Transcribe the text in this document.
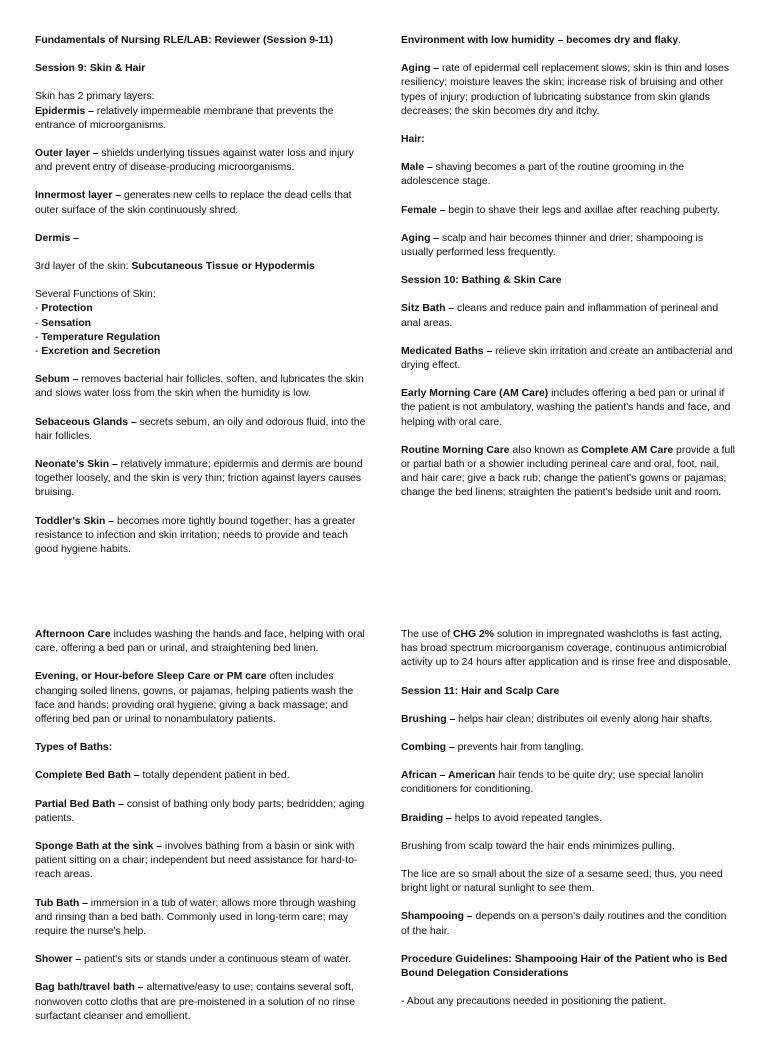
Fundamentals of Nursing RLE/LAB: Reviewer (Session 9-11)

Session 9: Skin & Hair

Skin has 2 primary layers:
Epidermis – relatively impermeable membrane that prevents the entrance of microorganisms.

Outer layer – shields underlying tissues against water loss and injury and prevent entry of disease-producing microorganisms.

Innermost layer – generates new cells to replace the dead cells that outer surface of the skin continuously shred.

Dermis –

3rd layer of the skin: Subcutaneous Tissue or Hypodermis

Several Functions of Skin:
- Protection
- Sensation
- Temperature Regulation
- Excretion and Secretion

Sebum – removes bacterial hair follicles, soften, and lubricates the skin and slows water loss from the skin when the humidity is low.

Sebaceous Glands – secrets sebum, an oily and odorous fluid, into the hair follicles.

Neonate's Skin – relatively immature; epidermis and dermis are bound together loosely, and the skin is very thin; friction against layers causes bruising.

Toddler's Skin – becomes more tightly bound together; has a greater resistance to infection and skin irritation; needs to provide and teach good hygiene habits.

Environment with low humidity – becomes dry and flaky.

Aging – rate of epidermal cell replacement slows; skin is thin and loses resiliency; moisture leaves the skin; increase risk of bruising and other types of injury; production of lubricating substance from skin glands decreases; the skin becomes dry and itchy.

Hair:

Male – shaving becomes a part of the routine grooming in the adolescence stage.

Female – begin to shave their legs and axillae after reaching puberty.

Aging – scalp and hair becomes thinner and drier; shampooing is usually performed less frequently.

Session 10: Bathing & Skin Care

Sitz Bath – cleans and reduce pain and inflammation of perineal and anal areas.

Medicated Baths – relieve skin irritation and create an antibacterial and drying effect.

Early Morning Care (AM Care) includes offering a bed pan or urinal if the patient is not ambulatory, washing the patient's hands and face, and helping with oral care.

Routine Morning Care also known as Complete AM Care provide a full or partial bath or a showier including perineal care and oral, foot, nail, and hair care; give a back rub; change the patient's gowns or pajamas; change the bed linens; straighten the patient's bedside unit and room.

Afternoon Care includes washing the hands and face, helping with oral care, offering a bed pan or urinal, and straightening bed linen.

Evening, or Hour-before Sleep Care or PM care often includes changing soiled linens, gowns, or pajamas, helping patients wash the face and hands; providing oral hygiene; giving a back massage; and offering bed pan or urinal to nonambulatory patients.

Types of Baths:

Complete Bed Bath – totally dependent patient in bed.

Partial Bed Bath – consist of bathing only body parts; bedridden; aging patients.

Sponge Bath at the sink – involves bathing from a basin or sink with patient sitting on a chair; independent but need assistance for hard-to-reach areas.

Tub Bath – immersion in a tub of water; allows more through washing and rinsing than a bed bath. Commonly used in long-term care; may require the nurse's help.

Shower – patient's sits or stands under a continuous steam of water.

Bag bath/travel bath – alternative/easy to use; contains several soft, nonwoven cotto cloths that are pre-moistened in a solution of no rinse surfactant cleanser and emollient.

The use of CHG 2% solution in impregnated washcloths is fast acting, has broad spectrum microorganism coverage, continuous antimicrobial activity up to 24 hours after application and is rinse free and disposable.

Session 11: Hair and Scalp Care

Brushing – helps hair clean; distributes oil evenly along hair shafts.

Combing – prevents hair from tangling.

African – American hair tends to be quite dry; use special lanolin conditioners for conditioning.

Braiding – helps to avoid repeated tangles.

Brushing from scalp toward the hair ends minimizes pulling.

The lice are so small about the size of a sesame seed; thus, you need bright light or natural sunlight to see them.

Shampooing – depends on a person's daily routines and the condition of the hair.

Procedure Guidelines: Shampooing Hair of the Patient who is Bed Bound Delegation Considerations

- About any precautions needed in positioning the patient.
